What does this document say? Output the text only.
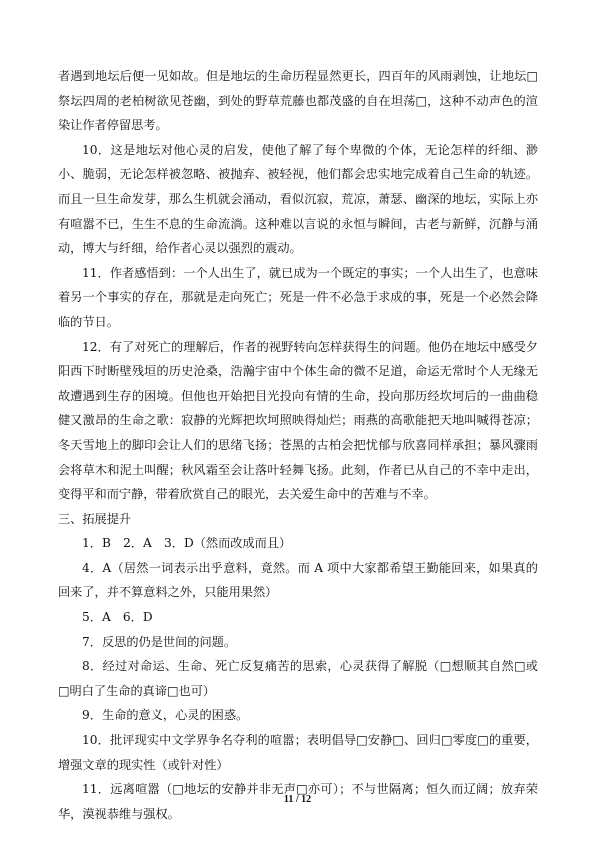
者遇到地坛后便一见如故。但是地坛的生命历程显然更长，四百年的风雨剥蚀，让地坛□祭坛四周的老柏树欲见苍幽，到处的野草荒藤也都茂盛的自在坦荡□，这种不动声色的渲染让作者停留思考。

10．这是地坛对他心灵的启发，使他了解了每个卑微的个体，无论怎样的纤细、渺小、脆弱，无论怎样被忽略、被抛弃、被轻视，他们都会忠实地完成着自己生命的轨迹。而且一旦生命发芽，那么生机就会涌动，看似沉寂，荒凉，萧瑟、幽深的地坛，实际上亦有喧嚣不已，生生不息的生命流淌。这种难以言说的永恒与瞬间，古老与新鲜，沉静与涌动，博大与纤细，给作者心灵以强烈的震动。

11．作者感悟到：一个人出生了，就已成为一个既定的事实；一个人出生了，也意味着另一个事实的存在，那就是走向死亡；死是一件不必急于求成的事，死是一个必然会降临的节日。

12．有了对死亡的理解后，作者的视野转向怎样获得生的问题。他仍在地坛中感受夕阳西下时断壁残垣的历史沧桑，浩瀚宇宙中个体生命的微不足道，命运无常时个人无缘无故遭遇到生存的困境。但他也开始把目光投向有情的生命，投向那历经坎坷后的一曲曲稳健又激昂的生命之歌：寂静的光辉把坎坷照映得灿烂；雨燕的高歌能把天地叫喊得苍凉；冬天雪地上的脚印会让人们的思绪飞扬；苍黑的古柏会把忧郁与欣喜同样承担；暴风骤雨会将草木和泥土叫醒；秋风霜至会让落叶轻舞飞扬。此刻，作者已从自己的不幸中走出，变得平和而宁静，带着欣赏自己的眼光，去关爱生命中的苦难与不幸。

三、拓展提升

1．B　2．A　3．D（然而改成而且）

4．A（居然一词表示出乎意料，竟然。而 A 项中大家都希望王勤能回来，如果真的回来了，并不算意料之外，只能用果然）

5．A　6．D

7．反思的仍是世间的问题。

8．经过对命运、生命、死亡反复痛苦的思索，心灵获得了解脱（□想顺其自然□或□明白了生命的真谛□也可）

9．生命的意义，心灵的困惑。

10．批评现实中文学界争名夺利的喧嚣；表明倡导□安静□、回归□零度□的重要，增强文章的现实性（或针对性）

11．远离喧嚣（□地坛的安静并非无声□亦可）；不与世隔离；恒久而辽阔；放弃荣华，漠视恭维与强权。

11 / 12
